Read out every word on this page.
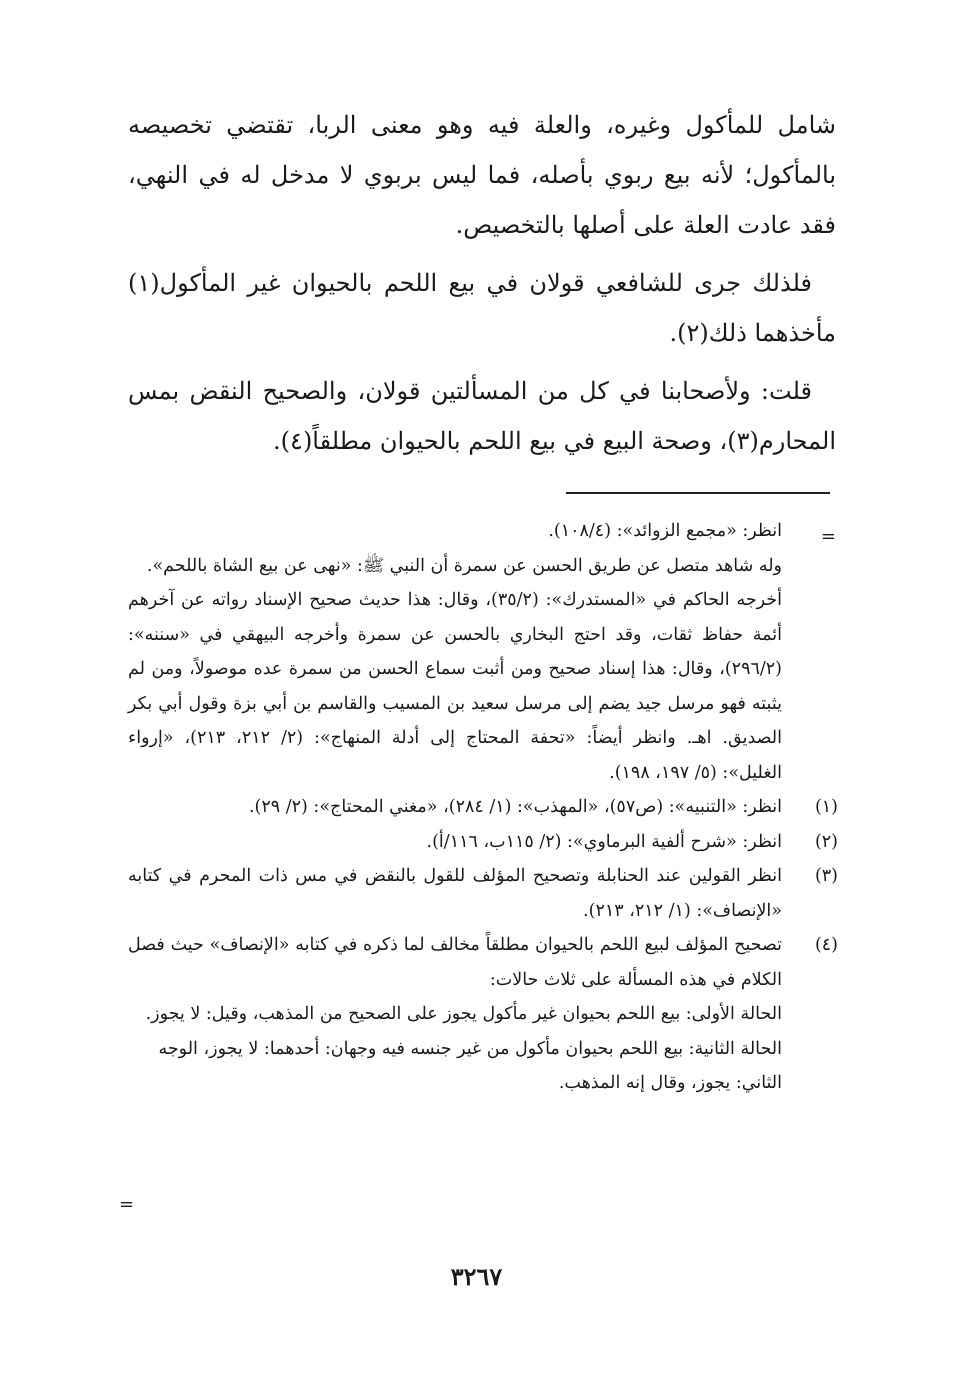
شامل للمأكول وغيره، والعلة فيه وهو معنى الربا، تقتضي تخصيصه بالمأكول؛ لأنه بيع ربوي بأصله، فما ليس بربوي لا مدخل له في النهي، فقد عادت العلة على أصلها بالتخصيص.

فلذلك جرى للشافعي قولان في بيع اللحم بالحيوان غير المأكول(١) مأخذهما ذلك(٢).

قلت: ولأصحابنا في كل من المسألتين قولان، والصحيح النقض بمس المحارم(٣)، وصحة البيع في بيع اللحم بالحيوان مطلقاً(٤).

=

انظر: «مجمع الزوائد»: (١٠٨/٤).

وله شاهد متصل عن طريق الحسن عن سمرة أن النبي ﷺ: «نهى عن بيع الشاة باللحم».

أخرجه الحاكم في «المستدرك»: (٣٥/٢)، وقال: هذا حديث صحيح الإسناد رواته عن آخرهم أئمة حفاظ ثقات، وقد احتج البخاري بالحسن عن سمرة وأخرجه البيهقي في «سننه»: (٢٩٦/٢)، وقال: هذا إسناد صحيح ومن أثبت سماع الحسن من سمرة عده موصولاً، ومن لم يثبته فهو مرسل جيد يضم إلى مرسل سعيد بن المسيب والقاسم بن أبي بزة وقول أبي بكر الصديق. اهـ. وانظر أيضاً: «تحفة المحتاج إلى أدلة المنهاج»: (٢/ ٢١٢، ٢١٣)، «إرواء الغليل»: (٥/ ١٩٧، ١٩٨).

(١)
انظر: «التنبيه»: (ص٥٧)، «المهذب»: (١/ ٢٨٤)، «مغني المحتاج»: (٢/ ٢٩).
(٢)
انظر: «شرح ألفية البرماوي»: (٢/ ١١٥ب، ١١٦/أ).
(٣)
انظر القولين عند الحنابلة وتصحيح المؤلف للقول بالنقض في مس ذات المحرم في كتابه «الإنصاف»: (١/ ٢١٢، ٢١٣).
(٤)
تصحيح المؤلف لبيع اللحم بالحيوان مطلقاً مخالف لما ذكره في كتابه «الإنصاف» حيث فصل الكلام في هذه المسألة على ثلاث حالات:

الحالة الأولى: بيع اللحم بحيوان غير مأكول يجوز على الصحيح من المذهب، وقيل: لا يجوز.

الحالة الثانية: بيع اللحم بحيوان مأكول من غير جنسه فيه وجهان: أحدهما: لا يجوز، الوجه الثاني: يجوز، وقال إنه المذهب.

=
٣٢٦٧
